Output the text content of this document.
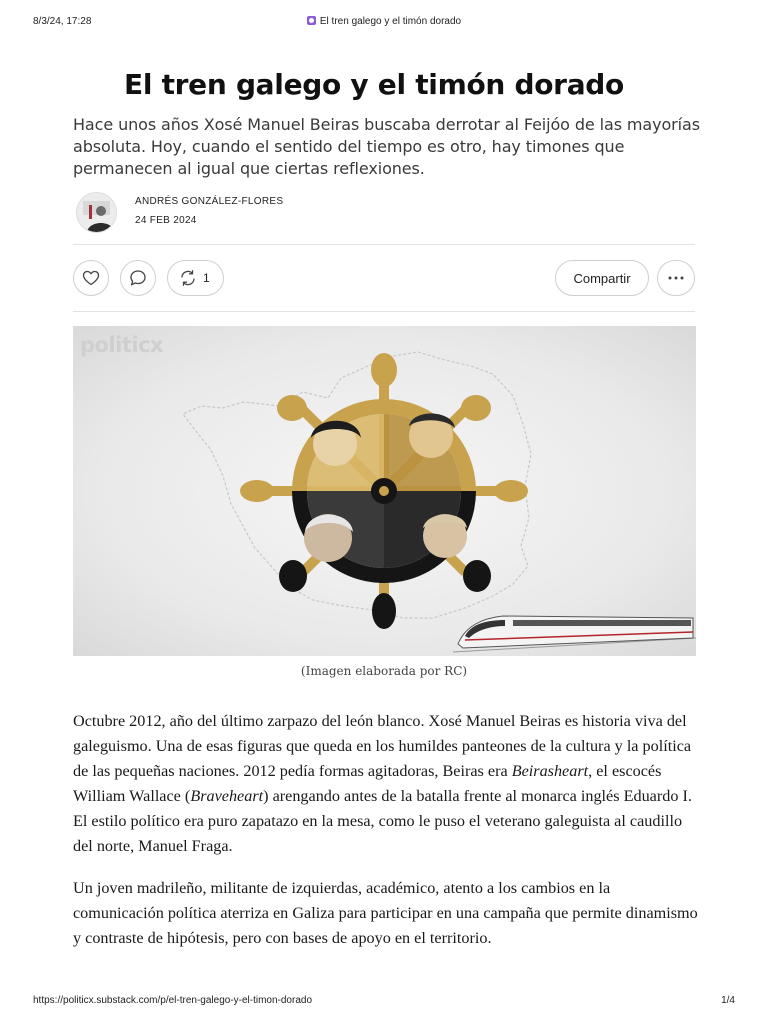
8/3/24, 17:28	El tren galego y el timón dorado
El tren galego y el timón dorado

Hace unos años Xosé Manuel Beiras buscaba derrotar al Feijóo de las mayorías absoluta. Hoy, cuando el sentido del tiempo es otro, hay timones que permanecen al igual que ciertas reflexiones.

ANDRÉS GONZÁLEZ-FLORES
24 FEB 2024
1	Compartir
politicx
(Imagen elaborada por RC)

Octubre 2012, año del último zarpazo del león blanco. Xosé Manuel Beiras es historia viva del galeguismo. Una de esas figuras que queda en los humildes panteones de la cultura y la política de las pequeñas naciones. 2012 pedía formas agitadoras, Beiras era Beirasheart, el escocés William Wallace (Braveheart) arengando antes de la batalla frente al monarca inglés Eduardo I. El estilo político era puro zapatazo en la mesa, como le puso el veterano galeguista al caudillo del norte, Manuel Fraga.

Un joven madrileño, militante de izquierdas, académico, atento a los cambios en la comunicación política aterriza en Galiza para participar en una campaña que permite dinamismo y contraste de hipótesis, pero con bases de apoyo en el territorio.

https://politicx.substack.com/p/el-tren-galego-y-el-timon-dorado	1/4
